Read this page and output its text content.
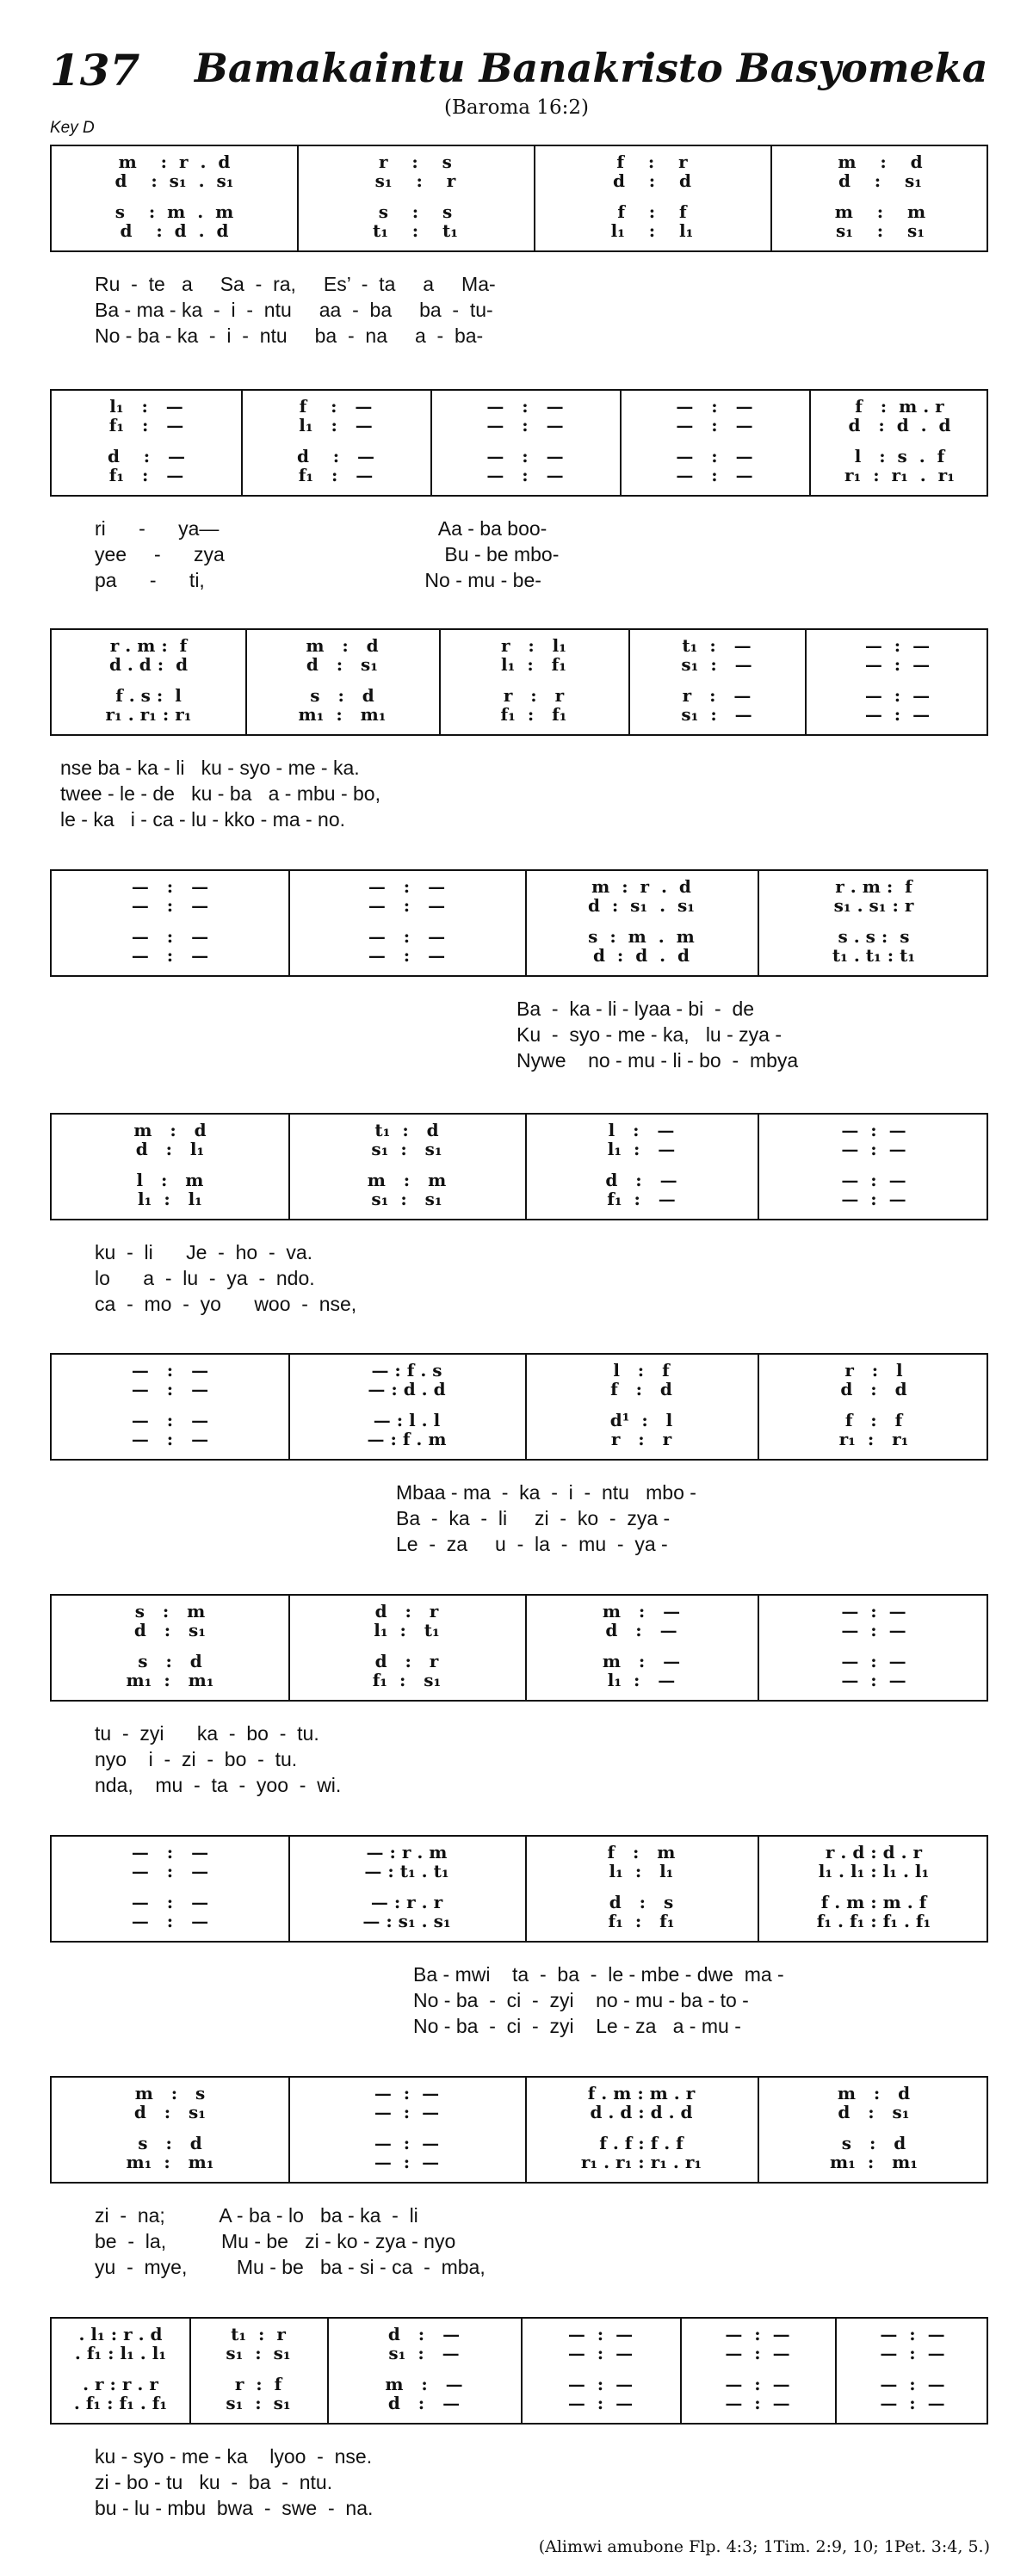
137 Bamakaintu Banakristo Basyomeka
(Baroma 16:2)
Key D
m    :  r  .  d
d    :  s₁  .  s₁
s    :  m  .  m
d    :  d  .  d
r    :    s
s₁    :    r
s    :    s
t₁    :    t₁
f    :    r
d    :    d
f    :    f
l₁    :    l₁
m    :    d
d    :    s₁
m    :    m
s₁    :    s₁
Ru  -  te   a     Sa  -  ra,     Es’  -  ta     a     Ma-
Ba - ma - ka  -  i  -  ntu     aa  -  ba     ba  -  tu-
No - ba - ka  -  i  -  ntu     ba  -  na     a  -  ba-
l₁   :   —
f₁   :   —
d    :   —
f₁   :   —
f    :   —
l₁   :   —
d    :   —
f₁   :   —
—   :   —
—   :   —
—   :   —
—   :   —
—   :   —
—   :   —
—   :   —
—   :   —
f   :  m . r
d   :  d  .  d
l   :  s  .  f
r₁  :  r₁  .  r₁
ri      -      ya—                                        Aa - ba boo-
yee     -      zya                                        Bu - be mbo-
pa      -      ti,                                        No - mu - be-
r . m :  f
d . d :  d
f . s :  l
r₁ . r₁ : r₁
m   :   d
d   :   s₁
s   :   d
m₁  :   m₁
r   :   l₁
l₁  :   f₁
r   :   r
f₁  :   f₁
t₁  :   —
s₁  :   —
r   :   —
s₁  :   —
—  :  —
—  :  —
—  :  —
—  :  —
nse ba - ka - li   ku - syo - me - ka.
twee - le - de   ku - ba   a - mbu - bo,
le - ka   i - ca - lu - kko - ma - no.
—   :   —
—   :   —
—   :   —
—   :   —
—   :   —
—   :   —
—   :   —
—   :   —
m  :  r  .  d
d  :  s₁  .  s₁
s  :  m  .  m
d  :  d  .  d
r . m :  f
s₁ . s₁ : r
s . s :  s
t₁ . t₁ : t₁
Ba  -  ka - li - lyaa - bi  -  de
Ku  -  syo - me - ka,   lu - zya -
Nywe    no - mu - li - bo  -  mbya
m   :   d
d   :   l₁
l   :   m
l₁  :   l₁
t₁  :   d
s₁  :   s₁
m   :   m
s₁  :   s₁
l   :   —
l₁  :   —
d   :   —
f₁  :   —
—  :  —
—  :  —
—  :  —
—  :  —
ku  -  li      Je  -  ho  -  va.
lo      a  -  lu  -  ya  -  ndo.
ca  -  mo  -  yo      woo  -  nse,
—   :   —
—   :   —
—   :   —
—   :   —
— : f . s
— : d . d
— : l . l
— : f . m
l   :   f
f   :   d
d¹  :   l
r   :   r
r   :   l
d   :   d
f   :   f
r₁  :   r₁
Mbaa - ma  -  ka  -  i  -  ntu   mbo -
Ba  -  ka  -  li     zi  -  ko  -  zya -
Le  -  za     u  -  la  -  mu  -  ya -
s   :   m
d   :   s₁
s   :   d
m₁  :   m₁
d   :   r
l₁  :   t₁
d   :   r
f₁  :   s₁
m   :   —
d   :   —
m   :   —
l₁  :   —
—  :  —
—  :  —
—  :  —
—  :  —
tu  -  zyi      ka  -  bo  -  tu.
nyo    i  -  zi  -  bo  -  tu.
nda,    mu  -  ta  -  yoo  -  wi.
—   :   —
—   :   —
—   :   —
—   :   —
— : r . m
— : t₁ . t₁
— : r . r
— : s₁ . s₁
f   :   m
l₁  :   l₁
d   :   s
f₁  :   f₁
r . d : d . r
l₁ . l₁ : l₁ . l₁
f . m : m . f
f₁ . f₁ : f₁ . f₁
Ba - mwi    ta  -  ba  -  le - mbe - dwe  ma -
No - ba  -  ci  -  zyi    no - mu - ba - to -
No - ba  -  ci  -  zyi    Le - za   a - mu -
m   :   s
d   :   s₁
s   :   d
m₁  :   m₁
—  :  —
—  :  —
—  :  —
—  :  —
f . m : m . r
d . d : d . d
f . f : f . f
r₁ . r₁ : r₁ . r₁
m   :   d
d   :   s₁
s   :   d
m₁  :   m₁
zi  -  na;          A - ba - lo   ba - ka  -  li
be  -  la,          Mu - be   zi - ko - zya - nyo
yu  -  mye,         Mu - be   ba - si - ca  -  mba,
. l₁ : r . d
. f₁ : l₁ . l₁
. r : r . r
. f₁ : f₁ . f₁
t₁  :  r
s₁  :  s₁
r  :  f
s₁  :  s₁
d   :   —
s₁  :   —
m   :   —
d   :   —
—  :  —
—  :  —
—  :  —
—  :  —
—  :  —
—  :  —
—  :  —
—  :  —
—  :  —
—  :  —
—  :  —
—  :  —
ku - syo - me - ka    lyoo  -  nse.
zi - bo - tu   ku  -  ba  -  ntu.
bu - lu - mbu  bwa  -  swe  -  na.
(Alimwi amubone Flp. 4:3; 1Tim. 2:9, 10; 1Pet. 3:4, 5.)
